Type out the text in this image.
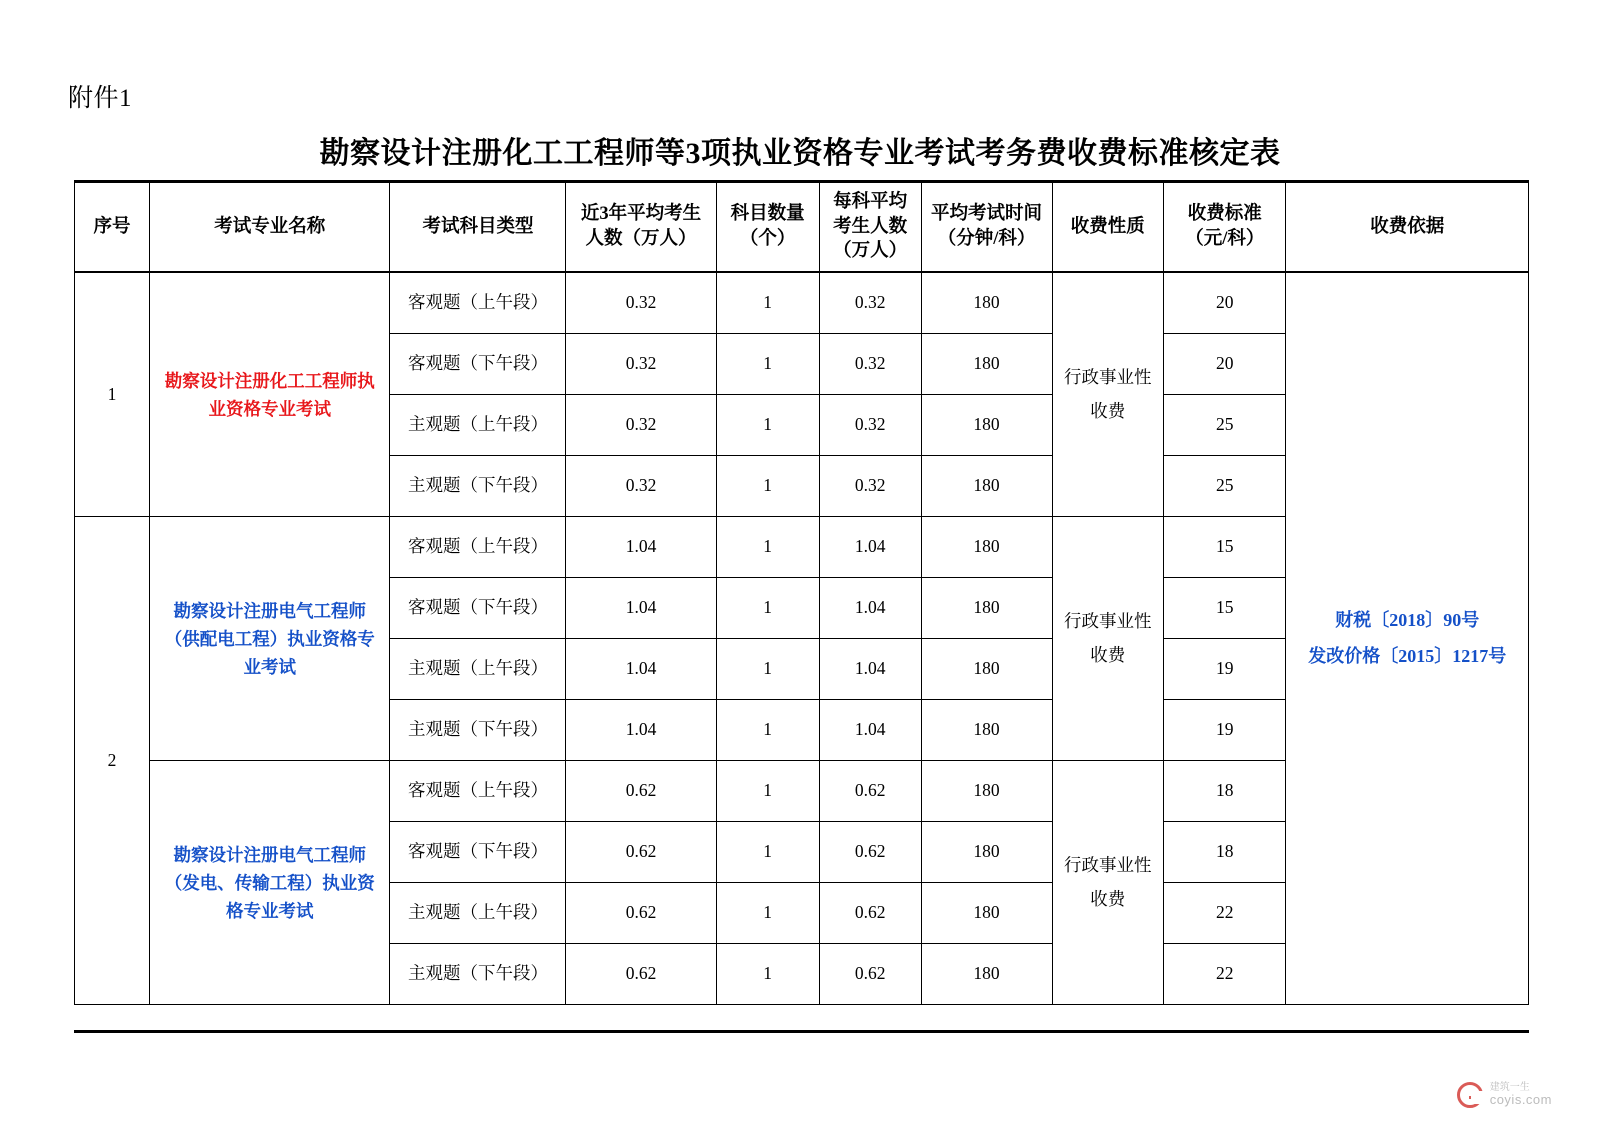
附件1
勘察设计注册化工工程师等3项执业资格专业考试考务费收费标准核定表
序号	考试专业名称	考试科目类型	近3年平均考生
人数（万人）	科目数量
（个）	每科平均
考生人数
（万人）	平均考试时间
（分钟/科）	收费性质	收费标准
（元/科）	收费依据
1	勘察设计注册化工工程师执业资格专业考试	客观题（上午段）	0.32	1	0.32	180	行政事业性
收费	20	财税〔2018〕90号
发改价格〔2015〕1217号

		客观题（下午段）	0.32	1	0.32	180		20	
		主观题（上午段）	0.32	1	0.32	180		25	
		主观题（下午段）	0.32	1	0.32	180		25	
2	勘察设计注册电气工程师（供配电工程）执业资格专业考试	客观题（上午段）	1.04	1	1.04	180	行政事业性
收费	15	
		客观题（下午段）	1.04	1	1.04	180		15	
		主观题（上午段）	1.04	1	1.04	180		19	
		主观题（下午段）	1.04	1	1.04	180		19	

	勘察设计注册电气工程师（发电、传输工程）执业资格专业考试	客观题（上午段）	0.62	1	0.62	180	行政事业性
收费	18	
		客观题（下午段）	0.62	1	0.62	180		18	
		主观题（上午段）	0.62	1	0.62	180		22	
		主观题（下午段）	0.62	1	0.62	180		22	
建筑一生
coyis.com
